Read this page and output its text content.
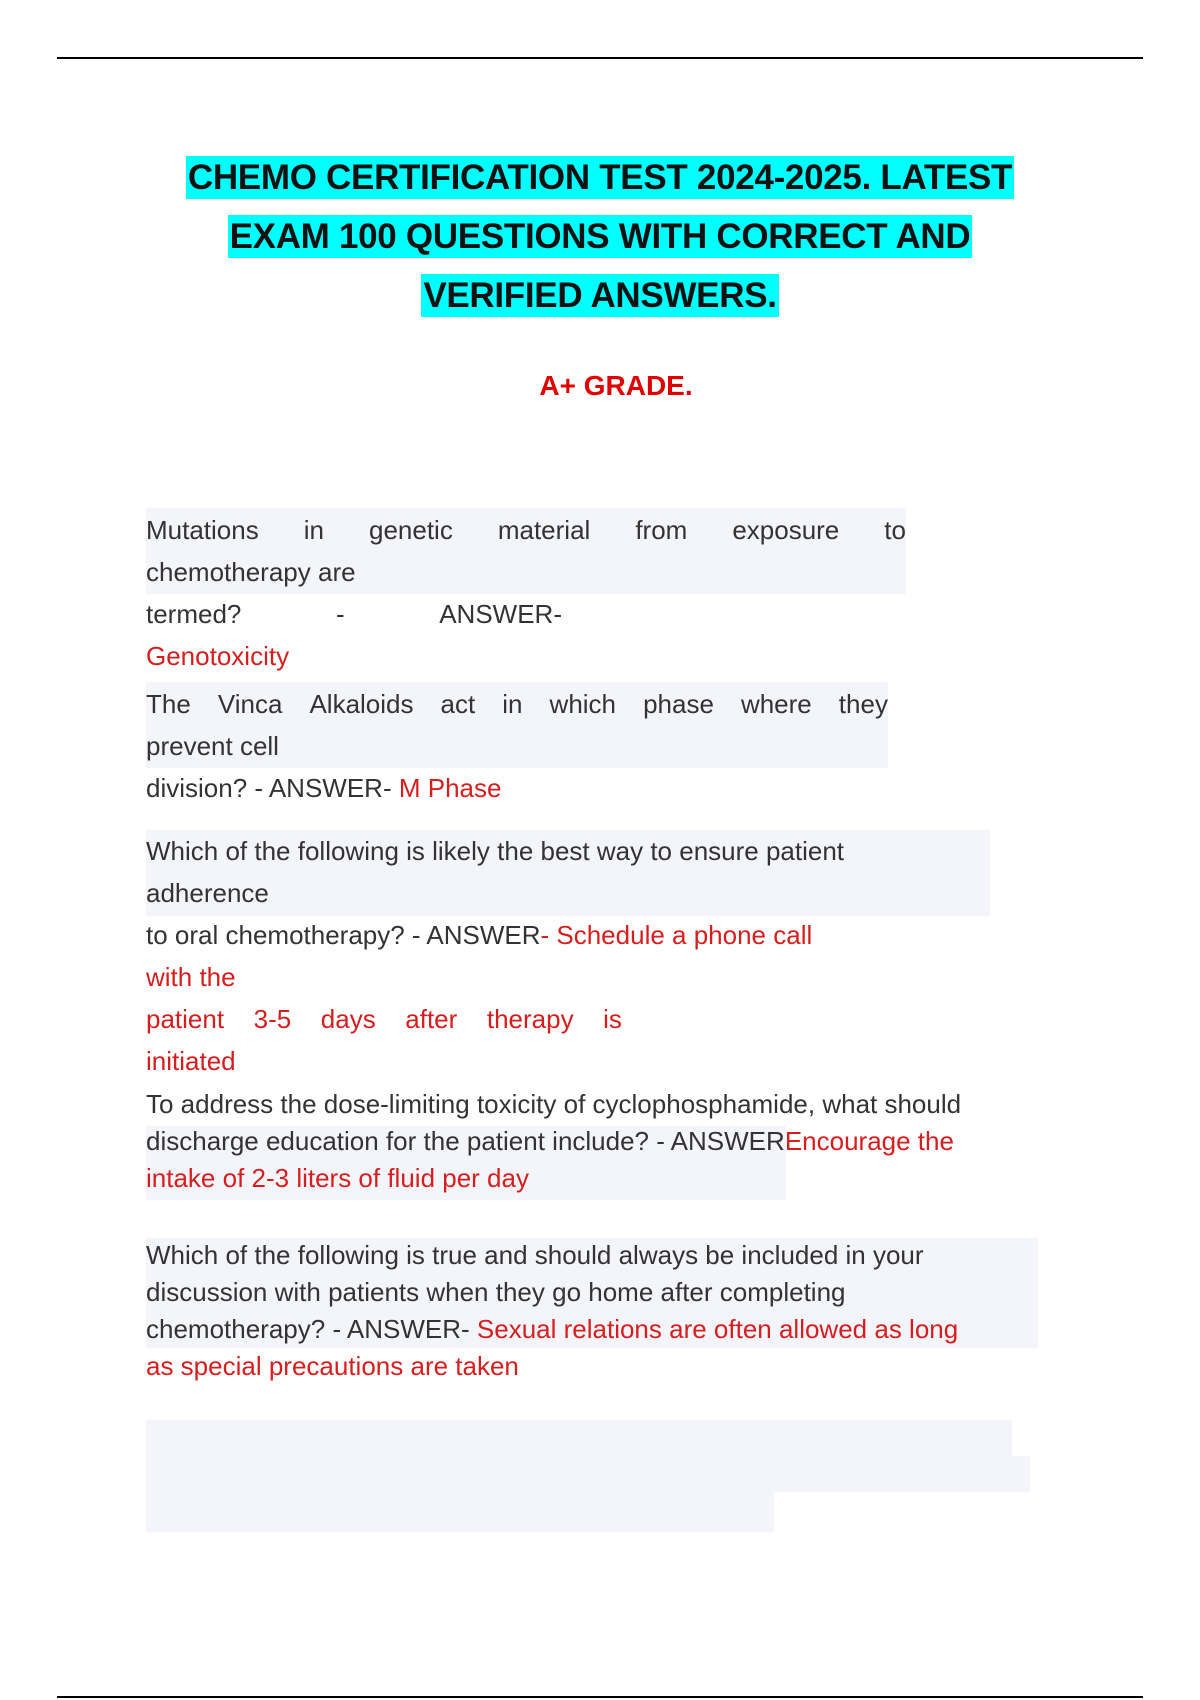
CHEMO CERTIFICATION TEST 2024-2025. LATEST
EXAM 100 QUESTIONS WITH CORRECT AND
VERIFIED ANSWERS.

A+ GRADE.

Mutations in genetic material from exposure to
chemotherapy are
termed?	-	ANSWER-
Genotoxicity
The Vinca Alkaloids act in which phase where they
prevent cell
division? - ANSWER- M Phase
Which of the following is likely the best way to ensure patient
adherence
to oral chemotherapy? - ANSWER- Schedule a phone call
with the
patient 3-5 days after therapy is
initiated
To address the dose-limiting toxicity of cyclophosphamide, what should
discharge education for the patient include? - ANSWEREncourage the
intake of 2-3 liters of fluid per day
Which of the following is true and should always be included in your
discussion with patients when they go home after completing
chemotherapy? - ANSWER- Sexual relations are often allowed as long
as special precautions are taken
